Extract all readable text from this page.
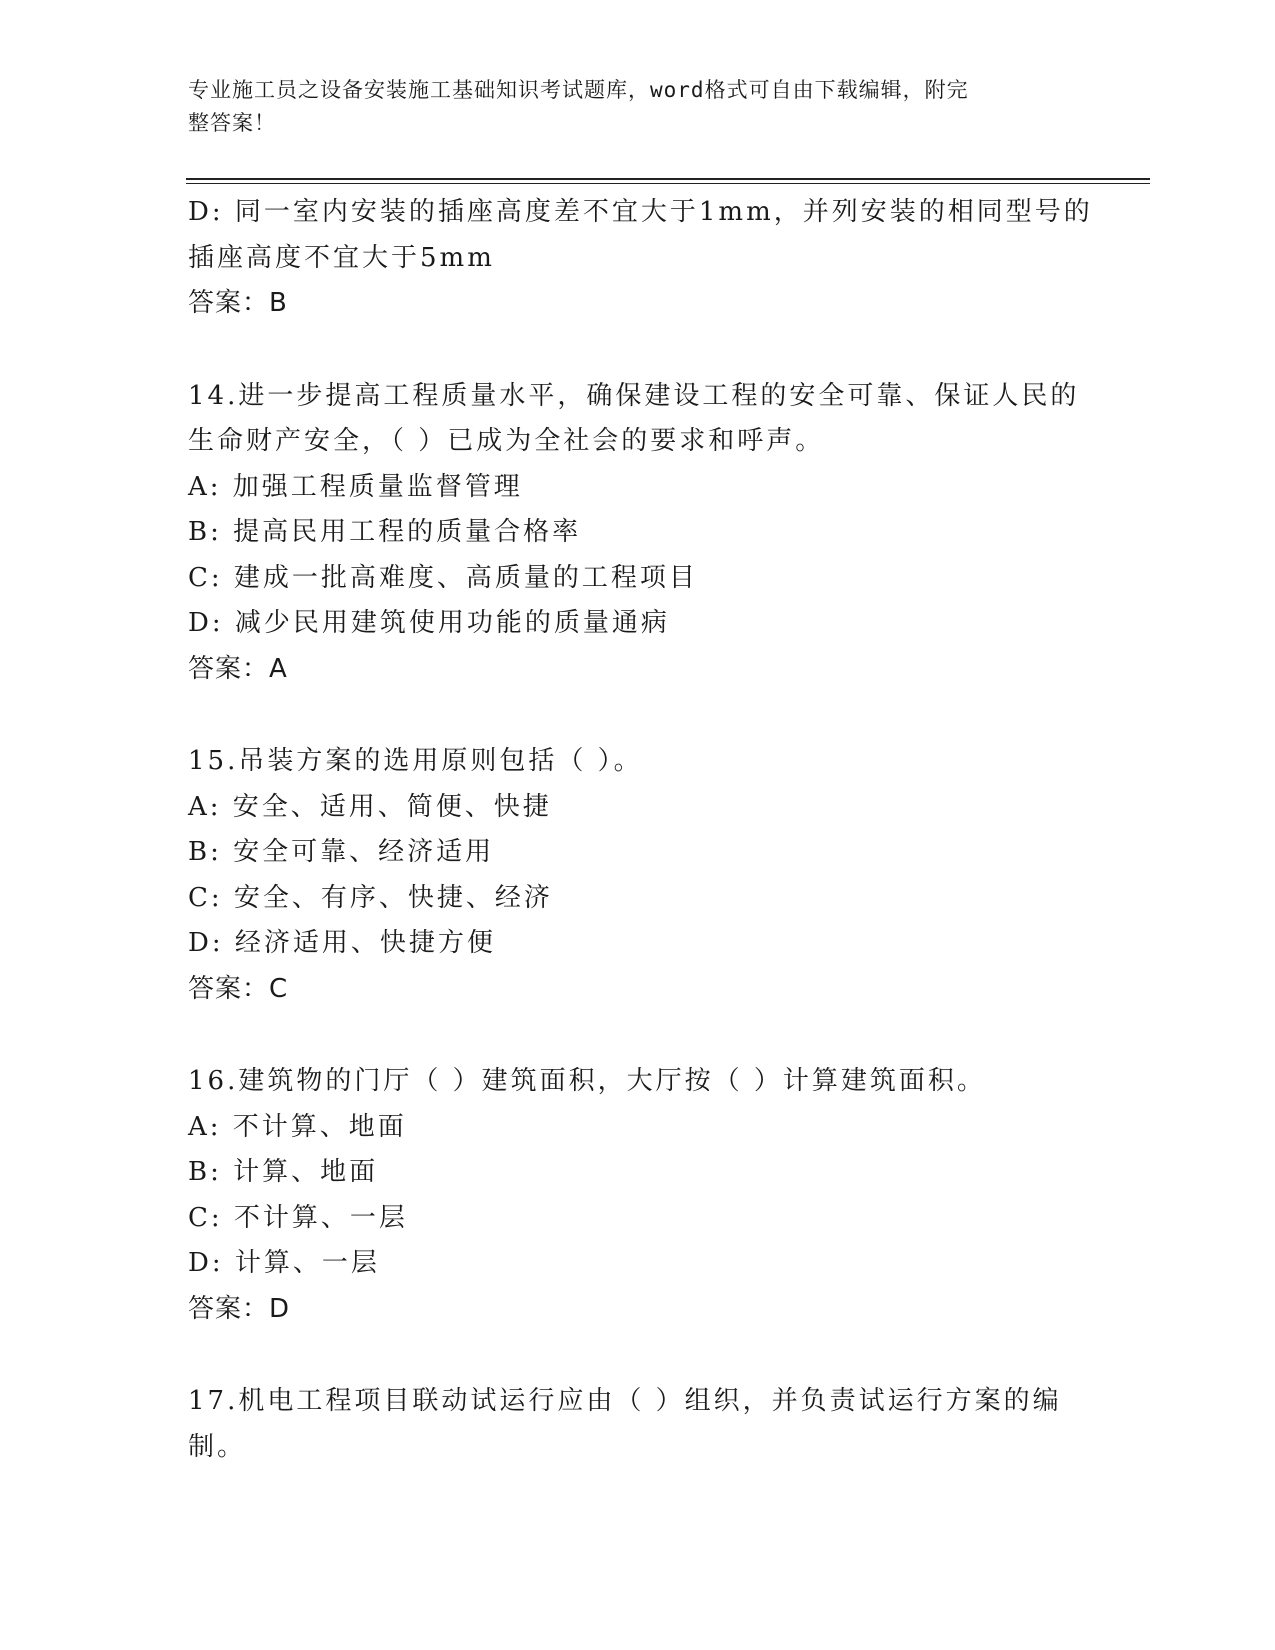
专业施工员之设备安装施工基础知识考试题库，word格式可自由下载编辑，附完
整答案！
D: 同一室内安装的插座高度差不宜大于1mm，并列安装的相同型号的
插座高度不宜大于5mm
答案：B
14.进一步提高工程质量水平，确保建设工程的安全可靠、保证人民的
生命财产安全，（ ）已成为全社会的要求和呼声。
A: 加强工程质量监督管理
B: 提高民用工程的质量合格率
C: 建成一批高难度、高质量的工程项目
D: 减少民用建筑使用功能的质量通病
答案：A
15.吊装方案的选用原则包括（ ）。
A: 安全、适用、简便、快捷
B: 安全可靠、经济适用
C: 安全、有序、快捷、经济
D: 经济适用、快捷方便
答案：C
16.建筑物的门厅（ ）建筑面积，大厅按（ ）计算建筑面积。
A: 不计算、地面
B: 计算、地面
C: 不计算、一层
D: 计算、一层
答案：D
17.机电工程项目联动试运行应由（ ）组织，并负责试运行方案的编
制。
